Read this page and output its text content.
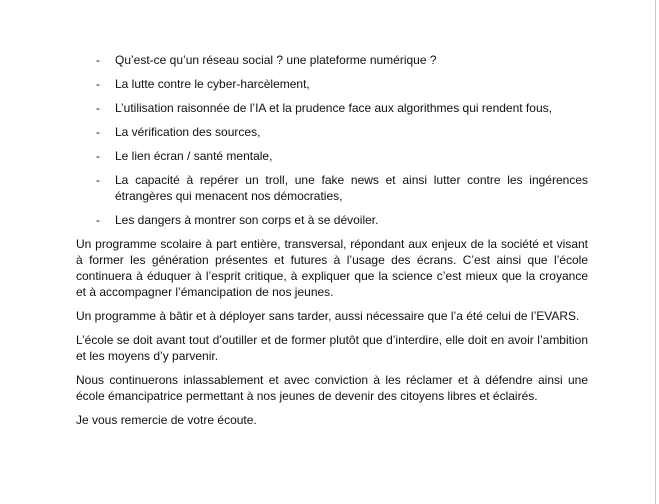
- Qu’est-ce qu’un réseau social ? une plateforme numérique ?
- La lutte contre le cyber-harcèlement,
- L’utilisation raisonnée de l’IA et la prudence face aux algorithmes qui rendent fous,
- La vérification des sources,
- Le lien écran / santé mentale,
- La capacité à repérer un troll, une fake news et ainsi lutter contre les ingérences étrangères qui menacent nos démocraties,
- Les dangers à montrer son corps et à se dévoiler.

Un programme scolaire à part entière, transversal, répondant aux enjeux de la société et visant à former les génération présentes et futures à l’usage des écrans. C’est ainsi que l’école continuera à éduquer à l’esprit critique, à expliquer que la science c’est mieux que la croyance et à accompagner l’émancipation de nos jeunes.

Un programme à bâtir et à déployer sans tarder, aussi nécessaire que l’a été celui de l’EVARS.

L’école se doit avant tout d’outiller et de former plutôt que d’interdire, elle doit en avoir l’ambition et les moyens d’y parvenir.

Nous continuerons inlassablement et avec conviction à les réclamer et à défendre ainsi une école émancipatrice permettant à nos jeunes de devenir des citoyens libres et éclairés.

Je vous remercie de votre écoute.
